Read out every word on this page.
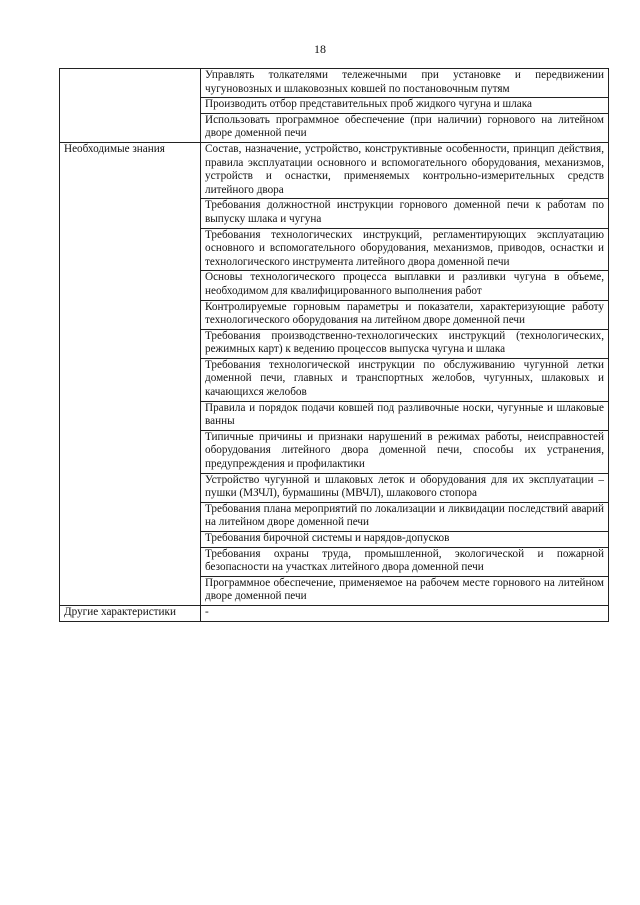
18
	Управлять толкателями тележечными при установке и передвижении чугуновозных и шлаковозных ковшей по постановочным путям
	Производить отбор представительных проб жидкого чугуна и шлака
	Использовать программное обеспечение (при наличии) горнового на литейном дворе доменной печи
Необходимые знания	Состав, назначение, устройство, конструктивные особенности, принцип действия, правила эксплуатации основного и вспомогательного оборудования, механизмов, устройств и оснастки, применяемых контрольно-измерительных средств литейного двора
	Требования должностной инструкции горнового доменной печи к работам по выпуску шлака и чугуна
	Требования технологических инструкций, регламентирующих эксплуатацию основного и вспомогательного оборудования, механизмов, приводов, оснастки и технологического инструмента литейного двора доменной печи
	Основы технологического процесса выплавки и разливки чугуна в объеме, необходимом для квалифицированного выполнения работ
	Контролируемые горновым параметры и показатели, характеризующие работу технологического оборудования на литейном дворе доменной печи
	Требования производственно-технологических инструкций (технологических, режимных карт) к ведению процессов выпуска чугуна и шлака
	Требования технологической инструкции по обслуживанию чугунной летки доменной печи, главных и транспортных желобов, чугунных, шлаковых и качающихся желобов
	Правила и порядок подачи ковшей под разливочные носки, чугунные и шлаковые ванны
	Типичные причины и признаки нарушений в режимах работы, неисправностей оборудования литейного двора доменной печи, способы их устранения, предупреждения и профилактики
	Устройство чугунной и шлаковых леток и оборудования для их эксплуатации – пушки (МЗЧЛ), бурмашины (МВЧЛ), шлакового стопора
	Требования плана мероприятий по локализации и ликвидации последствий аварий на литейном дворе доменной печи
	Требования бирочной системы и нарядов-допусков
	Требования охраны труда, промышленной, экологической и пожарной безопасности на участках литейного двора доменной печи
	Программное обеспечение, применяемое на рабочем месте горнового на литейном дворе доменной печи
Другие характеристики	-
